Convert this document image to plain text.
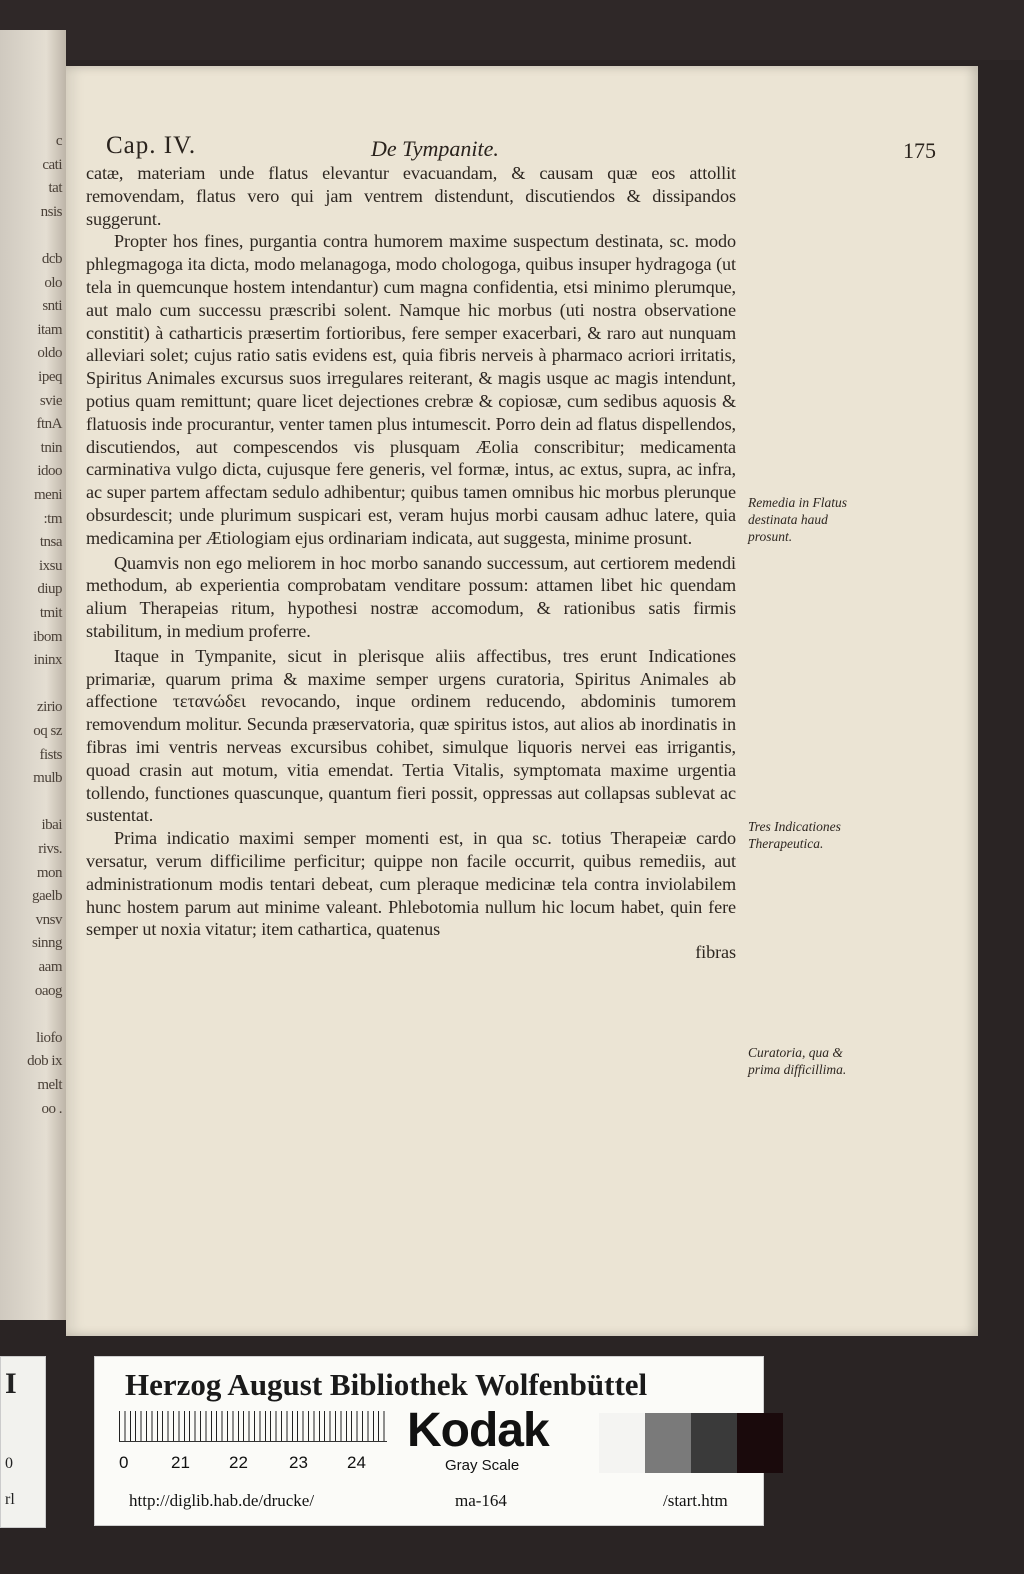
c
cati
tat
nsis
dcb
olo
snti
itam
oldo
ipeq
svie
ftnA
tnin
idoo
meni
:tm
tnsa
ixsu
diup
tmit
ibom
ininx
zirio
oq sz
fists
mulb
ibai
rivs.
mon
gaelb
vnsv
sinng
aam
oaog
liofo
dob ix
melt
oo .
Cap. IV.	De Tympanite.	175

catæ, materiam unde flatus elevantur evacuandam, & causam quæ eos attollit removendam, flatus vero qui jam ventrem distendunt, discutiendos & dissipandos suggerunt.

Propter hos fines, purgantia contra humorem maxime suspectum destinata, sc. modo phlegmagoga ita dicta, modo melanagoga, modo chologoga, quibus insuper hydragoga (ut tela in quemcunque hostem intendantur) cum magna confidentia, etsi minimo plerumque, aut malo cum successu præscribi solent. Namque hic morbus (uti nostra observatione constitit) à catharticis præsertim fortioribus, fere semper exacerbari, & raro aut nunquam alleviari solet; cujus ratio satis evidens est, quia fibris nerveis à pharmaco acriori irritatis, Spiritus Animales excursus suos irregulares reiterant, & magis usque ac magis intendunt, potius quam remittunt; quare licet dejectiones crebræ & copiosæ, cum sedibus aquosis & flatuosis inde procurantur, venter tamen plus intumescit. Porro dein ad flatus dispellendos, discutiendos, aut compescendos vis plusquam Æolia conscribitur; medicamenta carminativa vulgo dicta, cujusque fere generis, vel formæ, intus, ac extus, supra, ac infra, ac super partem affectam sedulo adhibentur; quibus tamen omnibus hic morbus plerunque obsurdescit; unde plurimum suspicari est, veram hujus morbi causam adhuc latere, quia medicamina per Ætiologiam ejus ordinariam indicata, aut suggesta, minime prosunt.

Quamvis non ego meliorem in hoc morbo sanando successum, aut certiorem medendi methodum, ab experientia comprobatam venditare possum: attamen libet hic quendam alium Therapeias ritum, hypothesi nostræ accomodum, & rationibus satis firmis stabilitum, in medium proferre.

Itaque in Tympanite, sicut in plerisque aliis affectibus, tres erunt Indicationes primariæ, quarum prima & maxime semper urgens curatoria, Spiritus Animales ab affectione τεταvώδει revocando, inque ordinem reducendo, abdominis tumorem removendum molitur. Secunda præservatoria, quæ spiritus istos, aut alios ab inordinatis in fibras imi ventris nerveas excursibus cohibet, simulque liquoris nervei eas irrigantis, quoad crasin aut motum, vitia emendat. Tertia Vitalis, symptomata maxime urgentia tollendo, functiones quascunque, quantum fieri possit, oppressas aut collapsas sublevat ac sustentat.

Prima indicatio maximi semper momenti est, in qua sc. totius Therapeiæ cardo versatur, verum difficilime perficitur; quippe non facile occurrit, quibus remediis, aut administrationum modis tentari debeat, cum pleraque medicinæ tela contra inviolabilem hunc hostem parum aut minime valeant. Phlebotomia nullum hic locum habet, quin fere semper ut noxia vitatur; item cathartica, quatenus

fibras

Remedia in Flatus destinata haud prosunt.
Tres Indicationes Therapeutica.
Curatoria, qua & prima difficillima.
I
0
rl
Herzog August Bibliothek Wolfenbüttel
0	21 22 23 24
Kodak
Gray Scale
http://diglib.hab.de/drucke/	ma-164	/start.htm
